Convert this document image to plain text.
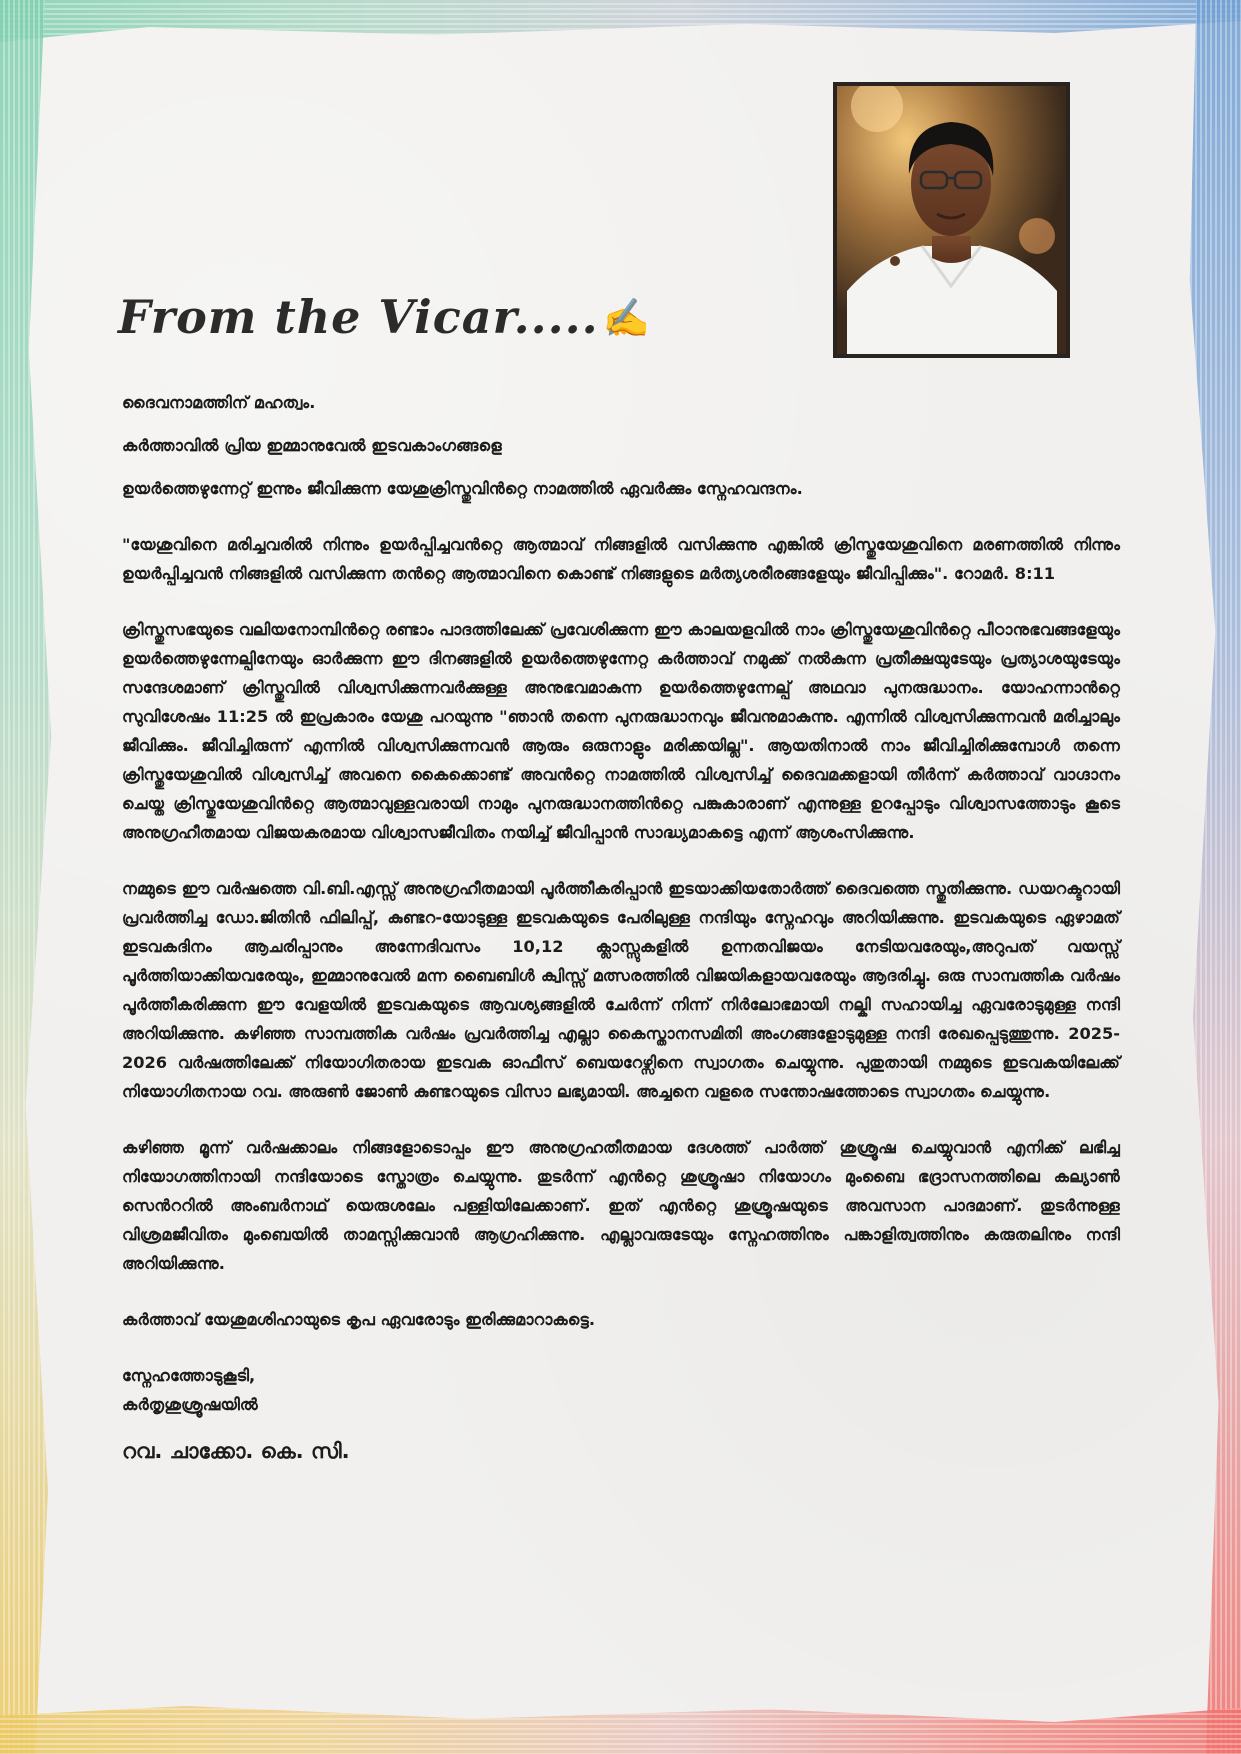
From the Vicar..... ✍

ദൈവനാമത്തിന് മഹത്വം.

കർത്താവിൽ പ്രിയ ഇമ്മാനുവേൽ ഇടവകാംഗങ്ങളെ

ഉയർത്തെഴുന്നേറ്റ് ഇന്നും ജീവിക്കുന്ന യേശുക്രിസ്തുവിൻറ്റെ നാമത്തിൽ ഏവർക്കും സ്നേഹവന്ദനം.

"യേശുവിനെ മരിച്ചവരിൽ നിന്നും ഉയർപ്പിച്ചവൻറ്റെ ആത്മാവ് നിങ്ങളിൽ വസിക്കുന്നു എങ്കിൽ ക്രിസ്തുയേശുവിനെ മരണത്തിൽ നിന്നും ഉയർപ്പിച്ചവൻ നിങ്ങളിൽ വസിക്കുന്ന തൻറ്റെ ആത്മാവിനെ കൊണ്ട് നിങ്ങളുടെ മർത്യശരീരങ്ങളേയും ജീവിപ്പിക്കും". റോമർ. 8:11

ക്രിസ്തുസഭയുടെ വലിയനോമ്പിൻറ്റെ രണ്ടാം പാദത്തിലേക്ക് പ്രവേശിക്കുന്ന ഈ കാലയളവിൽ നാം ക്രിസ്തുയേശുവിൻറ്റെ പീഠാനുഭവങ്ങളേയും ഉയർത്തെഴുന്നേല്പിനേയും ഓർക്കുന്ന ഈ ദിനങ്ങളിൽ ഉയർത്തെഴുന്നേറ്റ കർത്താവ് നമുക്ക് നൽകുന്ന പ്രതീക്ഷയുടേയും പ്രത്യാശയുടേയും സന്ദേശമാണ് ക്രിസ്തുവിൽ വിശ്വസിക്കുന്നവർക്കുള്ള അനുഭവമാകുന്ന ഉയർത്തെഴുന്നേല്പ് അഥവാ പുനരുദ്ധാനം. യോഹന്നാൻറ്റെ സുവിശേഷം 11:25 ൽ ഇപ്രകാരം യേശു പറയുന്നു "ഞാൻ തന്നെ പുനരുദ്ധാനവും ജീവനുമാകുന്നു. എന്നിൽ വിശ്വസിക്കുന്നവൻ മരിച്ചാലും ജീവിക്കും. ജീവിച്ചിരുന്ന് എന്നിൽ വിശ്വസിക്കുന്നവൻ ആരും ഒരുനാളും മരിക്കയില്ല". ആയതിനാൽ നാം ജീവിച്ചിരിക്കുമ്പോൾ തന്നെ ക്രിസ്തുയേശുവിൽ വിശ്വസിച്ച് അവനെ കൈക്കൊണ്ട് അവൻറ്റെ നാമത്തിൽ വിശ്വസിച്ച് ദൈവമക്കളായി തീർന്ന് കർത്താവ് വാഗ്ദാനം ചെയ്ത ക്രിസ്തുയേശുവിൻറ്റെ ആത്മാവുള്ളവരായി നാമും പുനരുദ്ധാനത്തിൻറ്റെ പങ്കുകാരാണ് എന്നുള്ള ഉറപ്പോടും വിശ്വാസത്തോടും കൂടെ അനുഗ്രഹീതമായ വിജയകരമായ വിശ്വാസജീവിതം നയിച്ച് ജീവിപ്പാൻ സാദ്ധ്യമാകട്ടെ എന്ന് ആശംസിക്കുന്നു.

നമ്മുടെ ഈ വർഷത്തെ വി.ബി.എസ്സ് അനുഗ്രഹീതമായി പൂർത്തീകരിപ്പാൻ ഇടയാക്കിയതോർത്ത് ദൈവത്തെ സ്തുതിക്കുന്നു. ഡയറക്ടറായി പ്രവർത്തിച്ച ഡോ.ജിതിൻ ഫിലിപ്പ്, കുണ്ടറ-യോടുള്ള ഇടവകയുടെ പേരിലുള്ള നന്ദിയും സ്നേഹവും അറിയിക്കുന്നു. ഇടവകയുടെ ഏഴാമത് ഇടവകദിനം ആചരിപ്പാനും അന്നേദിവസം 10,12 ക്ലാസ്സുകളിൽ ഉന്നതവിജയം നേടിയവരേയും,അറുപത് വയസ്സ് പൂർത്തിയാക്കിയവരേയും, ഇമ്മാനുവേൽ മന്ന ബൈബിൾ ക്വിസ്സ് മത്സരത്തിൽ വിജയികളായവരേയും ആദരിച്ചു. ഒരു സാമ്പത്തിക വർഷം പൂർത്തീകരിക്കുന്ന ഈ വേളയിൽ ഇടവകയുടെ ആവശ്യങ്ങളിൽ ചേർന്ന് നിന്ന് നിർലോഭമായി നല്കി സഹായിച്ച ഏവരോടുമുള്ള നന്ദി അറിയിക്കുന്നു. കഴിഞ്ഞ സാമ്പത്തിക വർഷം പ്രവർത്തിച്ച എല്ലാ കൈസ്താനസമിതി അംഗങ്ങളോടുമുള്ള നന്ദി രേഖപ്പെടുത്തുന്നു. 2025-2026 വർഷത്തിലേക്ക് നിയോഗിതരായ ഇടവക ഓഫീസ് ബെയറേഴ്സിനെ സ്വാഗതം ചെയ്യുന്നു. പുതുതായി നമ്മുടെ ഇടവകയിലേക്ക് നിയോഗിതനായ റവ. അരുൺ ജോൺ കുണ്ടറയുടെ വിസാ ലഭ്യമായി. അച്ചനെ വളരെ സന്തോഷത്തോടെ സ്വാഗതം ചെയ്യുന്നു.

കഴിഞ്ഞ മൂന്ന് വർഷക്കാലം നിങ്ങളോടൊപ്പം ഈ അനുഗ്രഹതീതമായ ദേശത്ത് പാർത്ത് ശുശ്രൂഷ ചെയ്യുവാൻ എനിക്ക് ലഭിച്ച നിയോഗത്തിനായി നന്ദിയോടെ സ്തോത്രം ചെയ്യുന്നു. തുടർന്ന് എൻറ്റെ ശുശ്രൂഷാ നിയോഗം മുംബൈ ഭദ്രാസനത്തിലെ കല്യാൺ സെൻററിൽ അംബർനാഥ് യെരുശലേം പള്ളിയിലേക്കാണ്. ഇത് എൻറ്റെ ശുശ്രൂഷയുടെ അവസാന പാദമാണ്. തുടർന്നുള്ള വിശ്രമജീവിതം മുംബെയിൽ താമസ്സിക്കുവാൻ ആഗ്രഹിക്കുന്നു. എല്ലാവരുടേയും സ്നേഹത്തിനും പങ്കാളിത്വത്തിനും കരുതലിനും നന്ദി അറിയിക്കുന്നു.

കർത്താവ് യേശുമശിഹായുടെ കൃപ ഏവരോടും ഇരിക്കുമാറാകട്ടെ.

സ്നേഹത്തോടുകൂടി,

കർതൃശുശ്രൂഷയിൽ

റവ. ചാക്കോ. കെ. സി.
